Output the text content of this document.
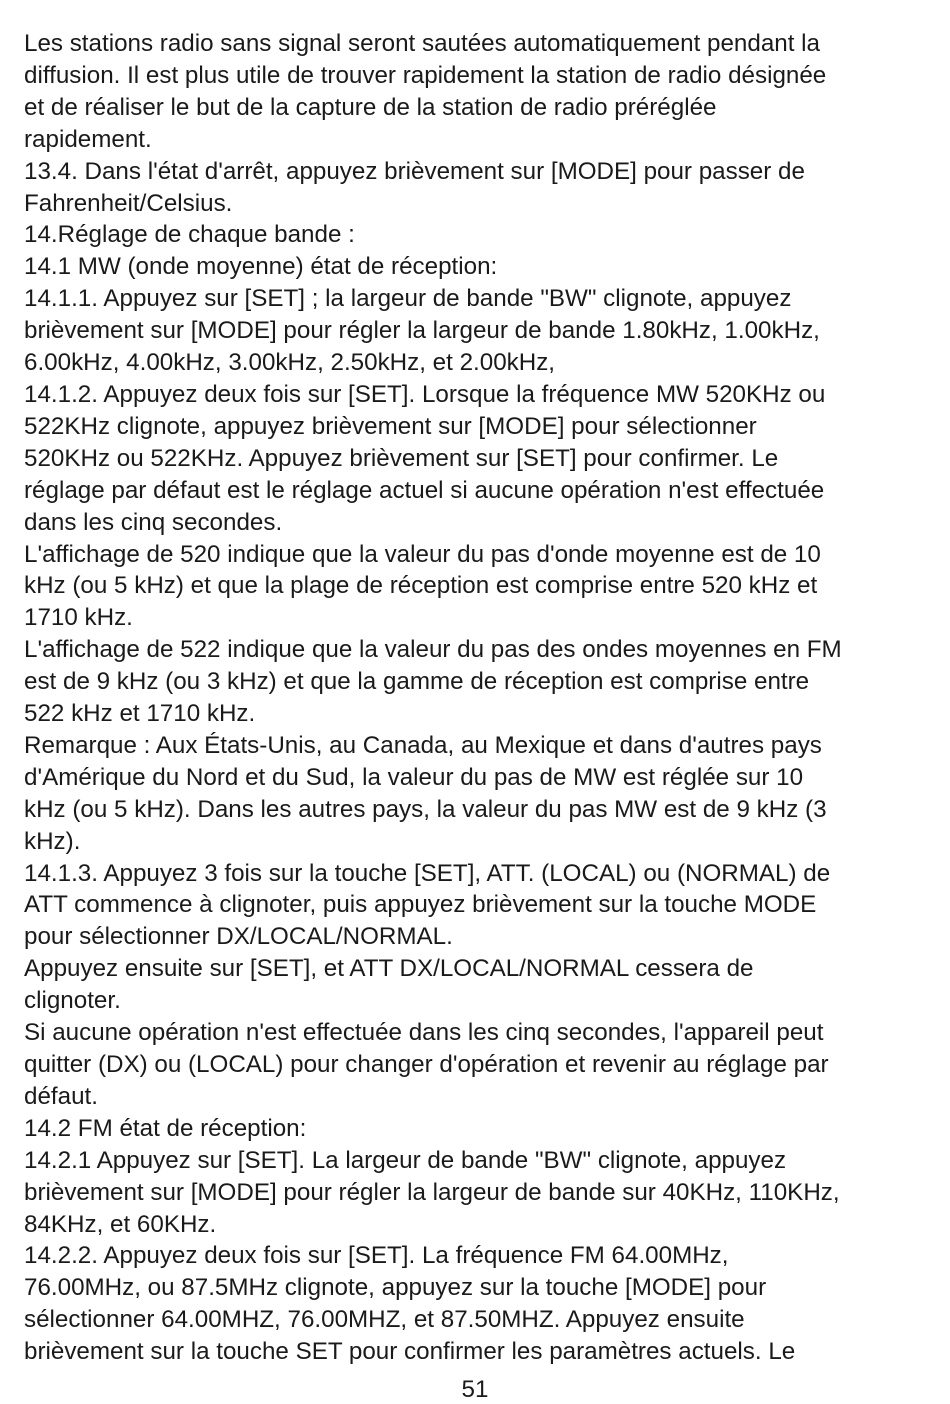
Les stations radio sans signal seront sautées automatiquement pendant la
diffusion. Il est plus utile de trouver rapidement la station de radio désignée
et de réaliser le but de la capture de la station de radio préréglée
rapidement.

13.4. Dans l'état d'arrêt, appuyez brièvement sur [MODE] pour passer de
Fahrenheit/Celsius.

14.Réglage de chaque bande :

14.1 MW (onde moyenne) état de réception:

14.1.1. Appuyez sur [SET] ; la largeur de bande "BW" clignote, appuyez
brièvement sur [MODE] pour régler la largeur de bande 1.80kHz, 1.00kHz,
6.00kHz, 4.00kHz, 3.00kHz, 2.50kHz, et 2.00kHz,

14.1.2. Appuyez deux fois sur [SET]. Lorsque la fréquence MW 520KHz ou
522KHz clignote, appuyez brièvement sur [MODE] pour sélectionner
520KHz ou 522KHz. Appuyez brièvement sur [SET] pour confirmer. Le
réglage par défaut est le réglage actuel si aucune opération n'est effectuée
dans les cinq secondes.

L'affichage de 520 indique que la valeur du pas d'onde moyenne est de 10
kHz (ou 5 kHz) et que la plage de réception est comprise entre 520 kHz et
1710 kHz.

L'affichage de 522 indique que la valeur du pas des ondes moyennes en FM
est de 9 kHz (ou 3 kHz) et que la gamme de réception est comprise entre
522 kHz et 1710 kHz.

Remarque : Aux États-Unis, au Canada, au Mexique et dans d'autres pays
d'Amérique du Nord et du Sud, la valeur du pas de MW est réglée sur 10
kHz (ou 5 kHz). Dans les autres pays, la valeur du pas MW est de 9 kHz (3
kHz).

14.1.3. Appuyez 3 fois sur la touche [SET], ATT. (LOCAL) ou (NORMAL) de
ATT commence à clignoter, puis appuyez brièvement sur la touche MODE
pour sélectionner DX/LOCAL/NORMAL.

Appuyez ensuite sur [SET], et ATT DX/LOCAL/NORMAL cessera de
clignoter.

Si aucune opération n'est effectuée dans les cinq secondes, l'appareil peut
quitter (DX) ou (LOCAL) pour changer d'opération et revenir au réglage par
défaut.

14.2 FM état de réception:

14.2.1 Appuyez sur [SET]. La largeur de bande "BW" clignote, appuyez
brièvement sur [MODE] pour régler la largeur de bande sur 40KHz, 110KHz,
84KHz, et 60KHz.

14.2.2. Appuyez deux fois sur [SET]. La fréquence FM 64.00MHz,
76.00MHz, ou 87.5MHz clignote, appuyez sur la touche [MODE] pour
sélectionner 64.00MHZ, 76.00MHZ, et 87.50MHZ. Appuyez ensuite
brièvement sur la touche SET pour confirmer les paramètres actuels. Le

51
